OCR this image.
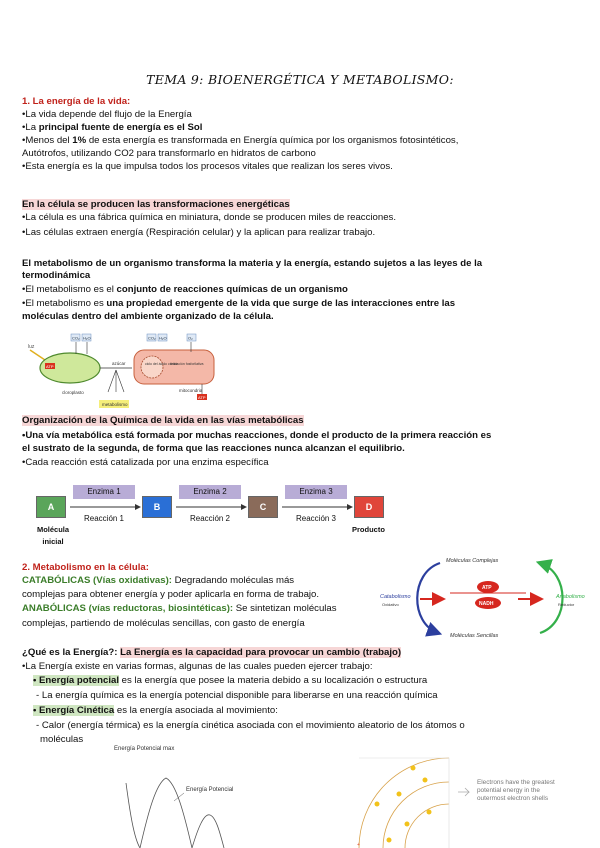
TEMA 9: BIOENERGÉTICA Y METABOLISMO:
1. La energía de la vida:
•La vida depende del flujo de la Energía
•La principal fuente de energía es el Sol
•Menos del 1% de esta energía es transformada en Energía química por los organismos fotosintéticos,
Autótrofos, utilizando CO2 para transformarlo en hidratos de carbono
•Esta energía es la que impulsa todos los procesos vitales que realizan los seres vivos.
En la célula se producen las transformaciones energéticas
•La célula es una fábrica química en miniatura, donde se producen miles de reacciones.
•Las células extraen energía (Respiración celular) y la aplican para realizar trabajo.
El metabolismo de un organismo transforma la materia y la energía, estando sujetos a las leyes de la
termodinámica
•El metabolismo es el conjunto de reacciones químicas de un organismo
•El metabolismo es una propiedad emergente de la vida que surge de las interacciones entre las
moléculas dentro del ambiente organizado de la célula.
luz
ATP
cloroplasto
CO₂ H₂O
azúcar
metabolismo
ciclo del ácido cítrico
oxidación fosforilativa
mitocondria
CO₂ H₂O	O₂
ATP
Organización de la Química de la vida en las vías metabólicas
•Una vía metabólica está formada por muchas reacciones, donde el producto de la primera reacción es
el sustrato de la segunda, de forma que las reacciones nunca alcanzan el equilibrio.
•Cada reacción está catalizada por una enzima específica
A	B	C	D
Enzima 1	Enzima 2	Enzima 3
Reacción 1	Reacción 2	Reacción 3
Molécula
inicial
Producto
2. Metabolismo en la célula:
CATABÓLICAS (Vías oxidativas): Degradando moléculas más
complejas para obtener energía y poder aplicarla en forma de trabajo.
ANABÓLICAS (vías reductoras, biosintéticas): Se sintetizan moléculas
complejas, partiendo de moléculas sencillas, con gasto de energía
Moléculas Complejas
Moléculas Sencillas
ATP
NADH
Catabolismo
Oxidativo
Anabolismo
Reductor
¿Qué es la Energía?: La Energía es la capacidad para provocar un cambio (trabajo)
•La Energía existe en varias formas, algunas de las cuales pueden ejercer trabajo:
• Energía potencial es la energía que posee la materia debido a su localización o estructura
- La energía química es la energía potencial disponible para liberarse en una reacción química
• Energía Cinética es la energía asociada al movimiento:
- Calor (energía térmica) es la energía cinética asociada con el movimiento aleatorio de los átomos o
moléculas
Energía Potencial max
Energía Potencial
+
Electrons have the greatest
potential energy in the
outermost electron shells
